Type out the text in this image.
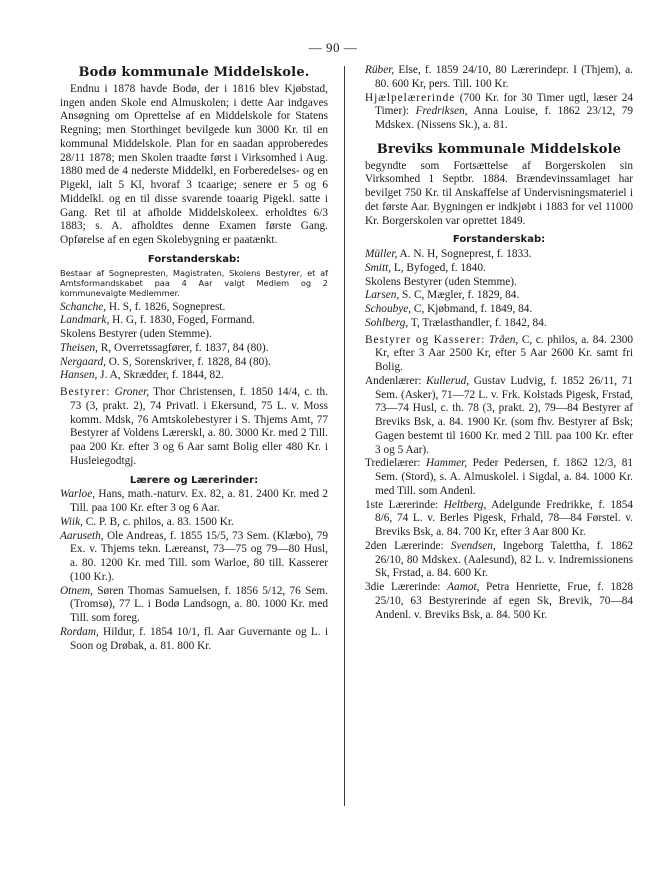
— 90 —
Bodø kommunale Middelskole.

Endnu i 1878 havde Bodø, der i 1816 blev Kjøbstad, ingen anden Skole end Almuskolen; i dette Aar indgaves Ansøgning om Oprettelse af en Middelskole for Statens Regning; men Storthinget bevilgede kun 3000 Kr. til en kommunal Middelskole. Plan for en saadan approberedes 28/11 1878; men Skolen traadte først i Virksomhed i Aug. 1880 med de 4 nederste Middelkl, en Forberedelses- og en Pigekl, ialt 5 Kl, hvoraf 3 tcaarige; senere er 5 og 6 Middelkl. og en til disse svarende toaarig Pigekl. satte i Gang. Ret til at afholde Middelskoleex. erholdtes 6/3 1883; s. A. afholdtes denne Examen første Gang. Opførelse af en egen Skolebygning er paatænkt.

Forstanderskab:
Bestaar af Sognepresten, Magistraten, Skolens Bestyrer, et af Amtsformandskabet paa 4 Aar valgt Medlem og 2 kommunevalgte Medlemmer.

Schanche, H. S, f. 1826, Sogneprest.

Landmark, H. G, f. 1830, Foged, Formand.

Skolens Bestyrer (uden Stemme).

Theisen, R, Overretssagfører, f. 1837, 84 (80).

Nergaard, O. S, Sorenskriver, f. 1828, 84 (80).

Hansen, J. A, Skrædder, f. 1844, 82.

Bestyrer: Groner, Thor Christensen, f. 1850 14/4, c. th. 73 (3, prakt. 2), 74 Privatl. i Ekersund, 75 L. v. Moss komm. Mdsk, 76 Amtskolebestyrer i S. Thjems Amt, 77 Bestyrer af Voldens Lærerskl, a. 80. 3000 Kr. med 2 Till. paa 200 Kr. efter 3 og 6 Aar samt Bolig eller 480 Kr. i Husleiegodtgj.

Lærere og Lærerinder:

Warloe, Hans, math.-naturv. Ex. 82, a. 81. 2400 Kr. med 2 Till. paa 100 Kr. efter 3 og 6 Aar.

Wiik, C. P. B, c. philos, a. 83. 1500 Kr.

Aaruseth, Ole Andreas, f. 1855 15/5, 73 Sem. (Klæbo), 79 Ex. v. Thjems tekn. Læreanst, 73—75 og 79—80 Husl, a. 80. 1200 Kr. med Till. som Warloe, 80 till. Kasserer (100 Kr.).

Otnem, Søren Thomas Samuelsen, f. 1856 5/12, 76 Sem. (Tromsø), 77 L. i Bodø Landsogn, a. 80. 1000 Kr. med Till. som foreg.

Rordam, Hildur, f. 1854 10/1, fl. Aar Guvernante og L. i Soon og Drøbak, a. 81. 800 Kr.

Rüber, Else, f. 1859 24/10, 80 Lærerindepr. I (Thjem), a. 80. 600 Kr, pers. Till. 100 Kr.

Hjælpelærerinde (700 Kr. for 30 Timer ugtl, læser 24 Timer): Fredriksen, Anna Louise, f. 1862 23/12, 79 Mdskex. (Nissens Sk.), a. 81.

Breviks kommunale Middelskole

begyndte som Fortsættelse af Borgerskolen sin Virksomhed 1 Septbr. 1884. Brændevinssamlaget har bevilget 750 Kr. til Anskaffelse af Undervisningsmateriel i det første Aar. Bygningen er indkjøbt i 1883 for vel 11000 Kr. Borgerskolen var oprettet 1849.

Forstanderskab:

Müller, A. N. H, Sogneprest, f. 1833.

Smitt, L, Byfoged, f. 1840.

Skolens Bestyrer (uden Stemme).

Larsen, S. C, Mægler, f. 1829, 84.

Schoubye, C, Kjøbmand, f. 1849, 84.

Sohlberg, T, Trælasthandler, f. 1842, 84.

Bestyrer og Kasserer: Tråen, C, c. philos, a. 84. 2300 Kr, efter 3 Aar 2500 Kr, efter 5 Aar 2600 Kr. samt fri Bolig.

Andenlærer: Kullerud, Gustav Ludvig, f. 1852 26/11, 71 Sem. (Asker), 71—72 L. v. Frk. Kolstads Pigesk, Frstad, 73—74 Husl, c. th. 78 (3, prakt. 2), 79—84 Bestyrer af Breviks Bsk, a. 84. 1900 Kr. (som fhv. Bestyrer af Bsk; Gagen bestemt til 1600 Kr. med 2 Till. paa 100 Kr. efter 3 og 5 Aar).

Tredielærer: Hammer, Peder Pedersen, f. 1862 12/3, 81 Sem. (Stord), s. A. Almuskolel. i Sigdal, a. 84. 1000 Kr. med Till. som Andenl.

1ste Lærerinde: Heltberg, Adelgunde Fredrikke, f. 1854 8/6, 74 L. v. Berles Pigesk, Frhald, 78—84 Førstel. v. Breviks Bsk, a. 84. 700 Kr, efter 3 Aar 800 Kr.

2den Lærerinde: Svendsen, Ingeborg Talettha, f. 1862 26/10, 80 Mdskex. (Aalesund), 82 L. v. Indremissionens Sk, Frstad, a. 84. 600 Kr.

3die Lærerinde: Aamot, Petra Henriette, Frue, f. 1828 25/10, 63 Bestyrerinde af egen Sk, Brevik, 70—84 Andenl. v. Breviks Bsk, a. 84. 500 Kr.
